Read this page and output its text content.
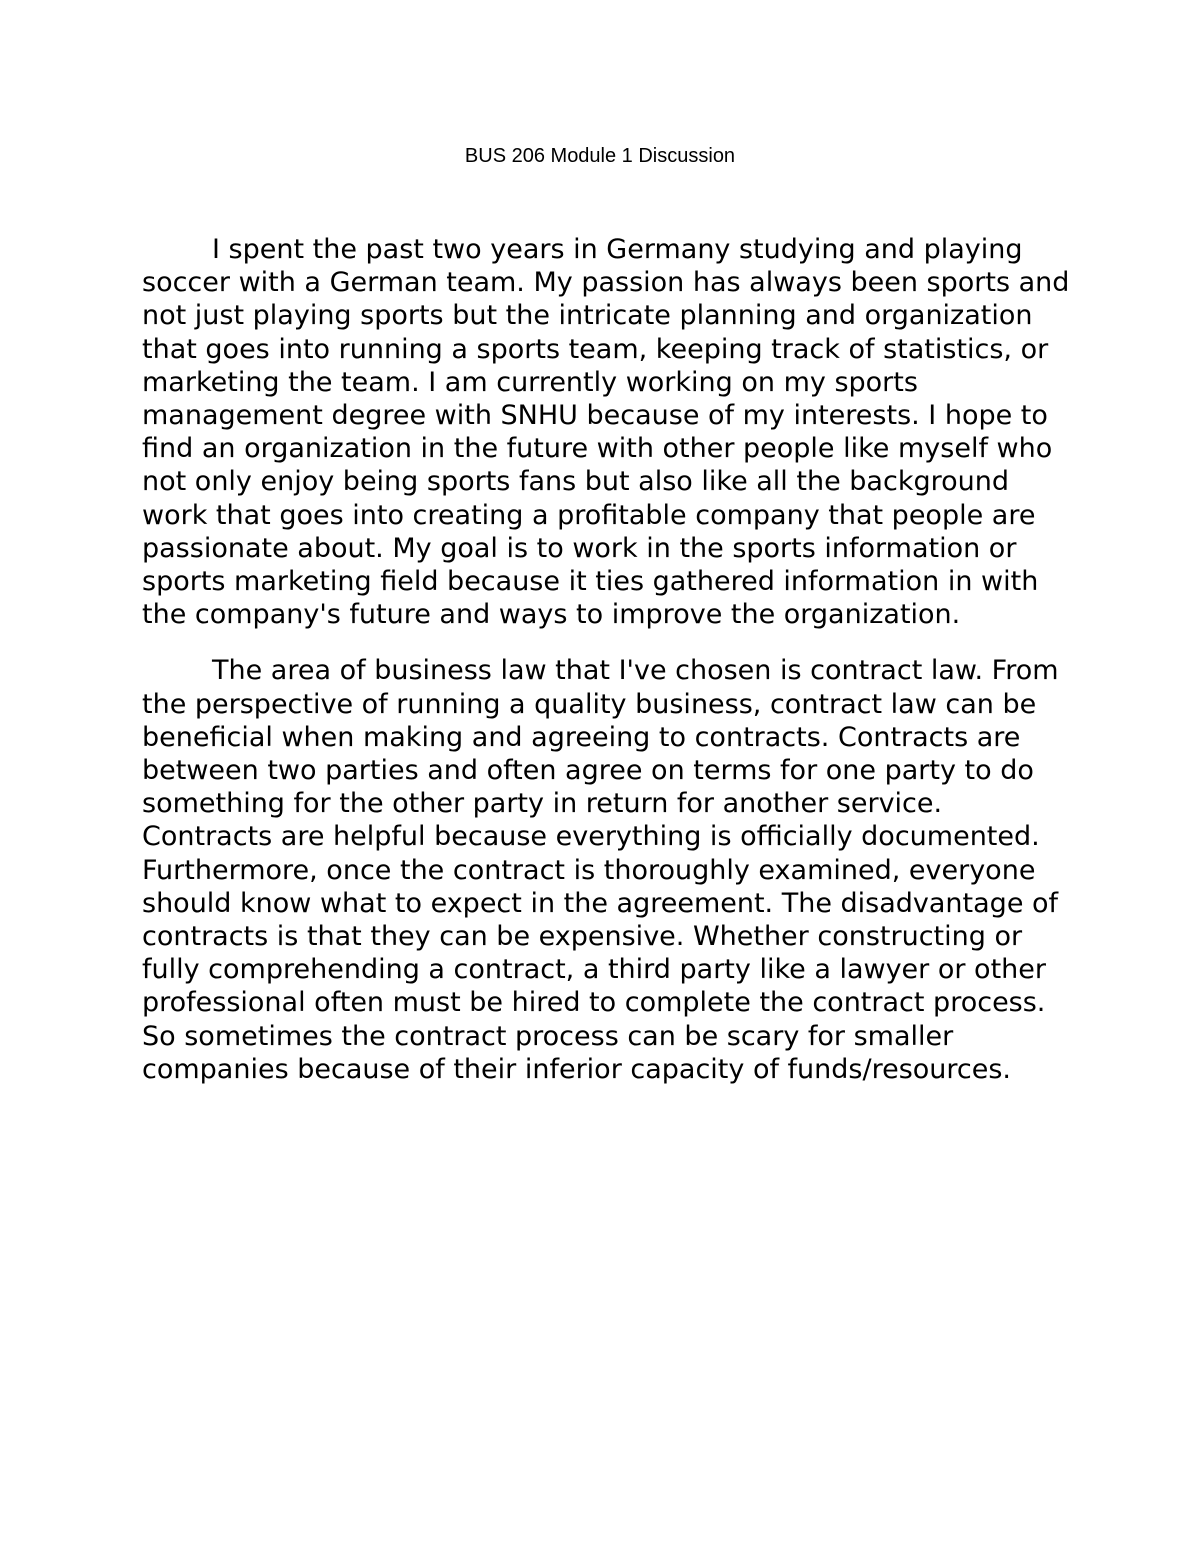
BUS 206 Module 1 Discussion

I spent the past two years in Germany studying and playing soccer with a German team. My passion has always been sports and not just playing sports but the intricate planning and organization that goes into running a sports team, keeping track of statistics, or marketing the team. I am currently working on my sports management degree with SNHU because of my interests. I hope to find an organization in the future with other people like myself who not only enjoy being sports fans but also like all the background work that goes into creating a profitable company that people are passionate about. My goal is to work in the sports information or sports marketing field because it ties gathered information in with the company's future and ways to improve the organization.

The area of business law that I've chosen is contract law. From the perspective of running a quality business, contract law can be beneficial when making and agreeing to contracts. Contracts are between two parties and often agree on terms for one party to do something for the other party in return for another service. Contracts are helpful because everything is officially documented. Furthermore, once the contract is thoroughly examined, everyone should know what to expect in the agreement. The disadvantage of contracts is that they can be expensive. Whether constructing or fully comprehending a contract, a third party like a lawyer or other professional often must be hired to complete the contract process. So sometimes the contract process can be scary for smaller companies because of their inferior capacity of funds/resources.
